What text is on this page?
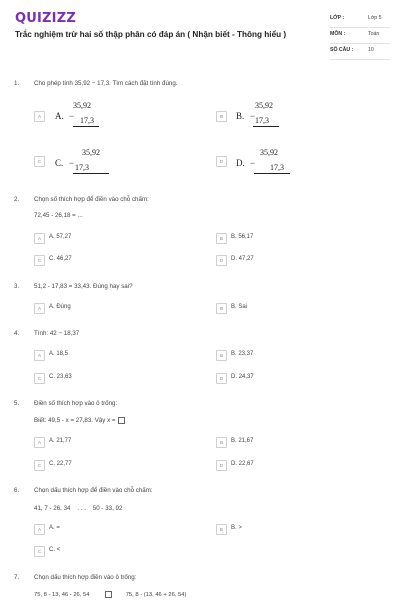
QUIZIZZ
Trắc nghiệm trừ hai số thập phân có đáp án ( Nhận biết - Thông hiểu )
LỚP :	Lớp 5
MÔN :	Toán
SỐ CÂU :	10
1. Cho phép tính 35,92 − 17,3. Tìm cách đặt tính đúng.
A	A. −
35,92
17,3	B	B. −
35,92
17,3
C	C. −
35,92
17,3
D	D. −
35,92
17,3
2. Chọn số thích hợp để điền vào chỗ chấm:
72,45 - 26,18 = ...
A	A. 57,27	B	B. 56,17
C	C. 46,27	D	D. 47,27
3. 51,2 - 17,83 = 33,43. Đúng hay sai?
A	A. Đúng	B	B. Sai
4. Tính: 42 − 18,37
A	A. 18,5	B	B. 23,37
C	C. 23,63	D	D. 24,37
5. Điền số thích hợp vào ô trống:
Biết: 49,5 - x = 27,83. Vậy x =
A	A. 21,77	B	B. 21,67
C	C. 22,77	D	D. 22,67
6. Chọn dấu thích hợp để điền vào chỗ chấm:
41, 7 - 26, 34    . . .    50 - 33, 92
A	A. =	B	B. >
C	C. <
7. Chọn dấu thích hợp điền vào ô trống:
75, 8 - 13, 46 - 26, 54	75, 8 - (13, 46 + 26, 54)
